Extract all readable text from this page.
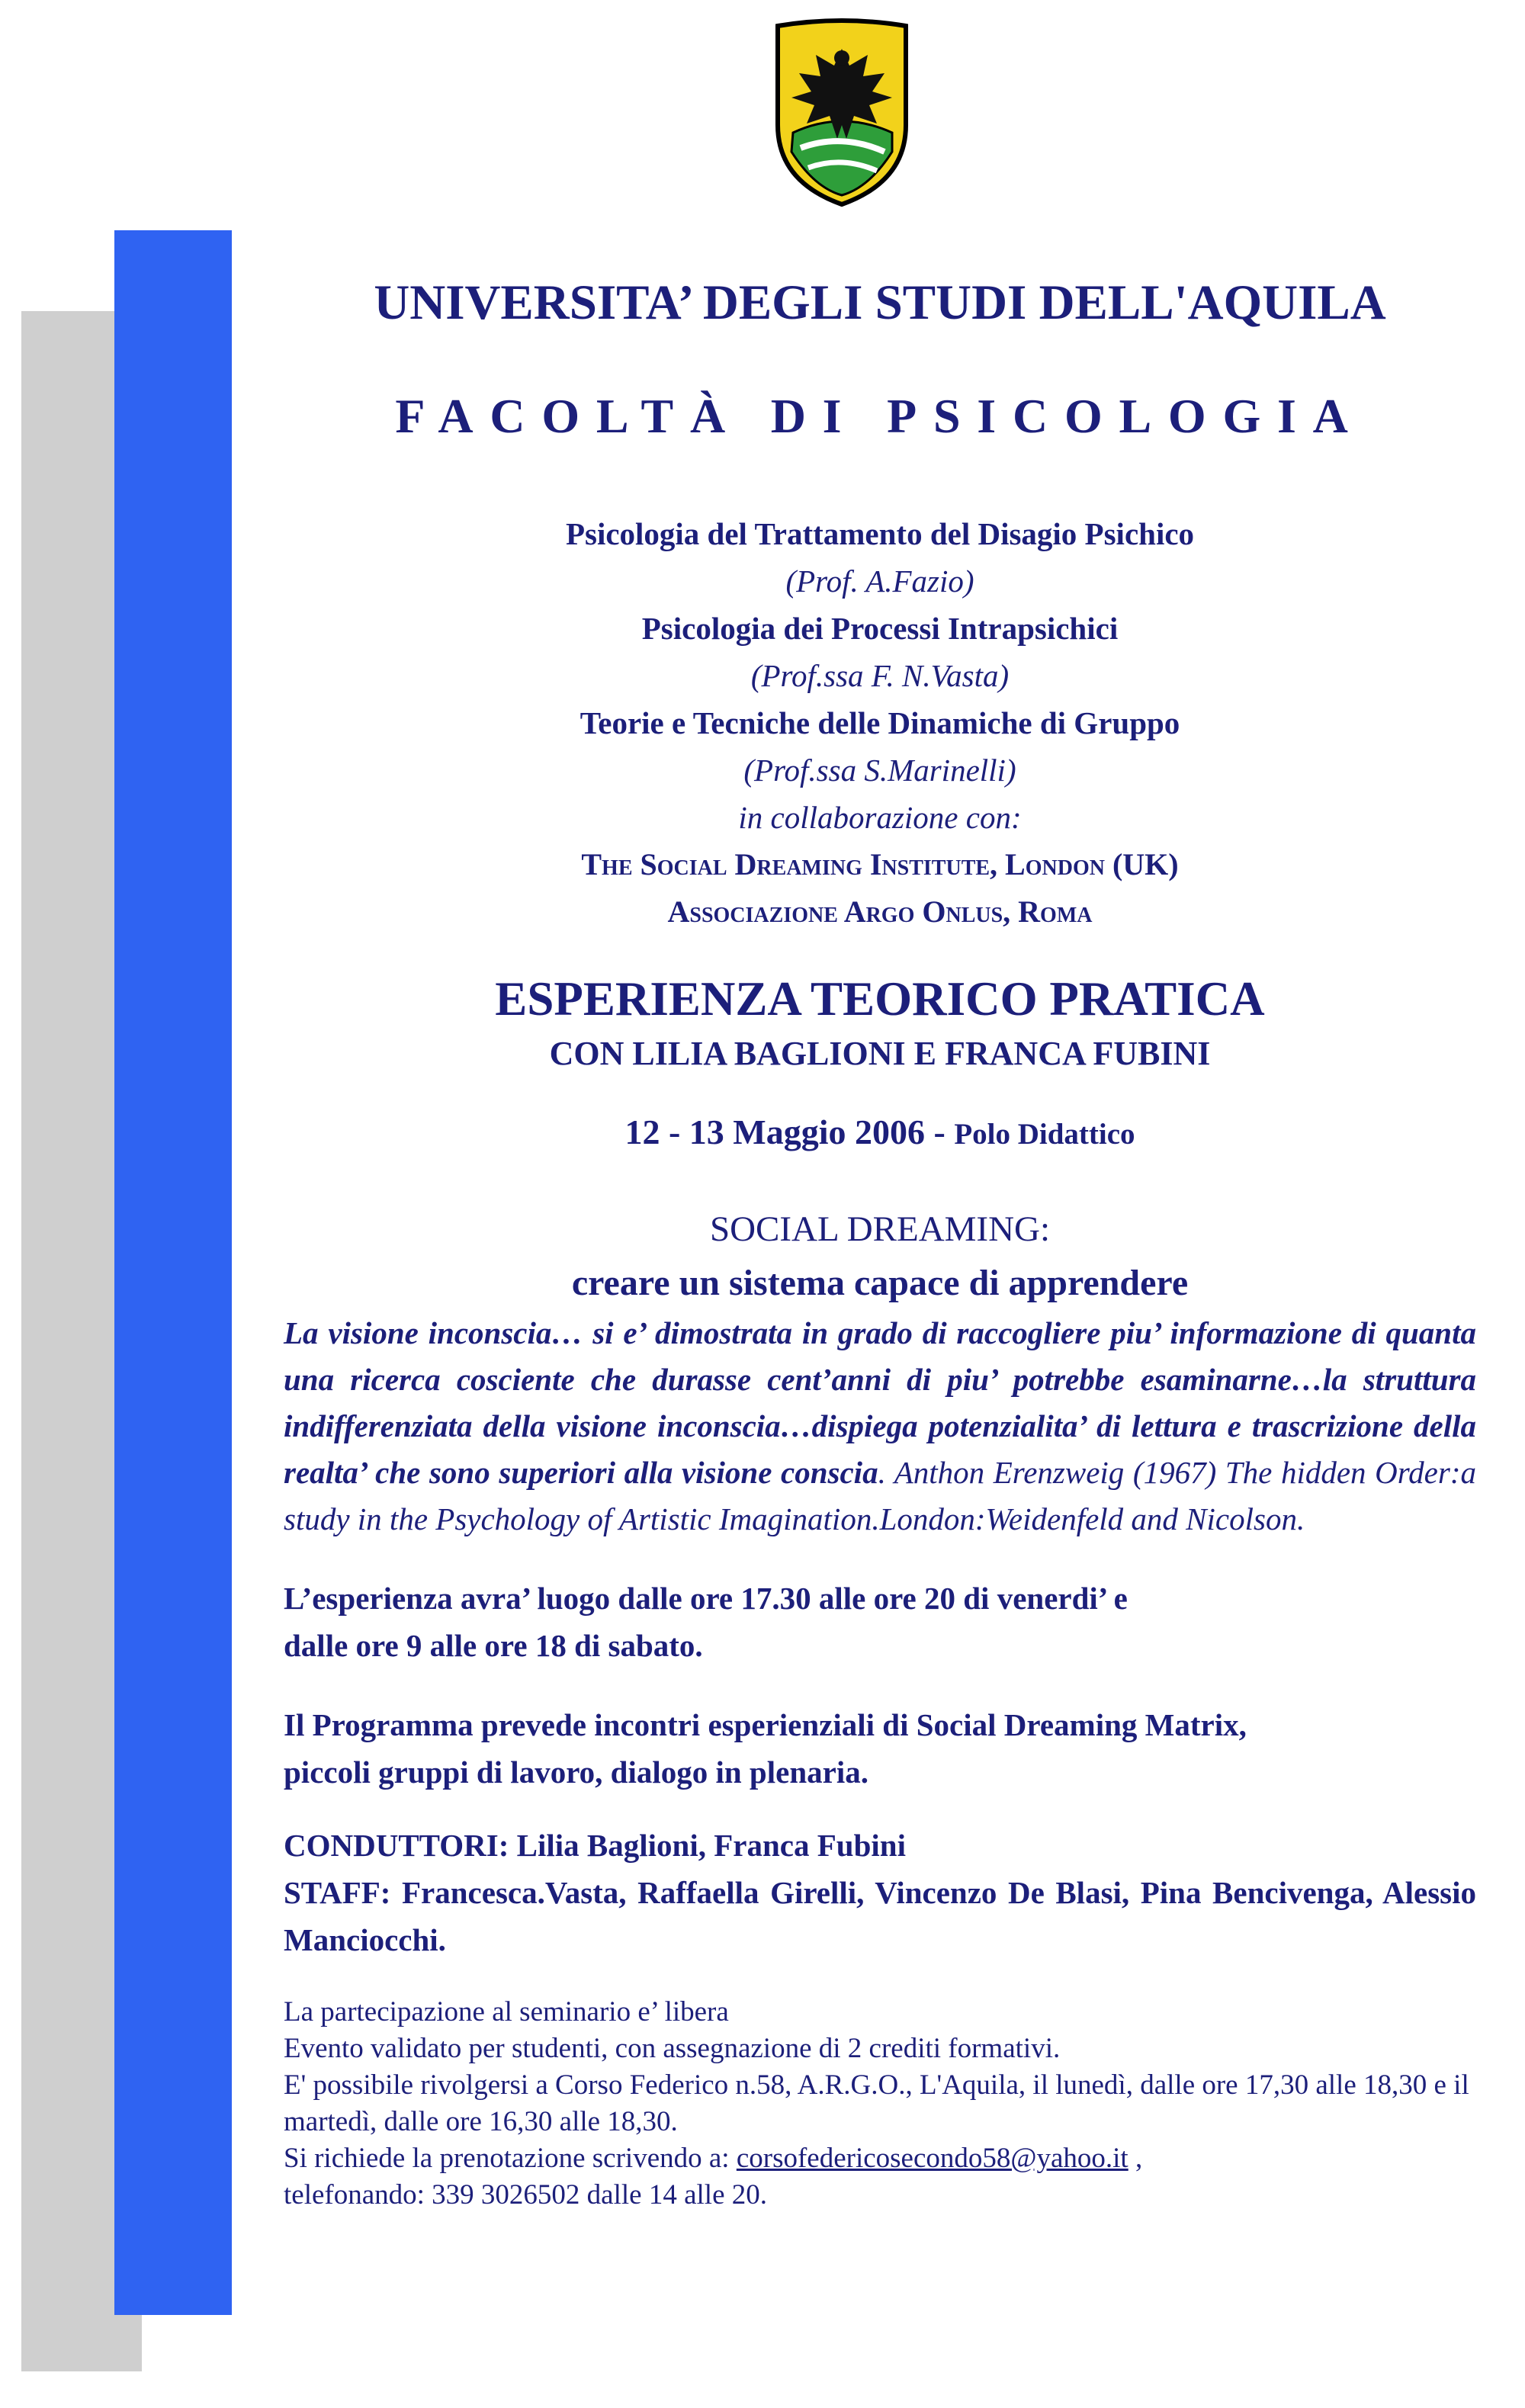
UNIVERSITA’ DEGLI STUDI DELL'AQUILA
FACOLTÀ DI PSICOLOGIA
Psicologia del Trattamento del Disagio Psichico
(Prof. A.Fazio)
Psicologia dei Processi Intrapsichici
(Prof.ssa F. N.Vasta)
Teorie e Tecniche delle Dinamiche di Gruppo
(Prof.ssa S.Marinelli)
in collaborazione con:
The Social Dreaming Institute, London (UK)
Associazione Argo Onlus, Roma
ESPERIENZA TEORICO PRATICA
CON LILIA BAGLIONI E FRANCA FUBINI
12 - 13 Maggio 2006 - Polo Didattico
SOCIAL DREAMING:
creare un sistema capace di apprendere
La visione inconscia… si e’ dimostrata in grado di raccogliere piu’ informazione di quanta una ricerca cosciente che durasse cent’anni di piu’ potrebbe esaminarne…la struttura indifferenziata della visione inconscia…dispiega potenzialita’ di lettura e trascrizione della realta’ che sono superiori alla visione conscia. Anthon Erenzweig (1967) The hidden Order:a study in the Psychology of Artistic Imagination.London:Weidenfeld and Nicolson.
L’esperienza avra’ luogo dalle ore 17.30 alle ore 20 di venerdi’ e
dalle ore 9 alle ore 18 di sabato.
Il Programma prevede incontri esperienziali di Social Dreaming Matrix,
piccoli gruppi di lavoro, dialogo in plenaria.
CONDUTTORI: Lilia Baglioni, Franca Fubini
STAFF: Francesca.Vasta, Raffaella Girelli, Vincenzo De Blasi, Pina Bencivenga, Alessio Manciocchi.
La partecipazione al seminario e’ libera
Evento validato per studenti, con assegnazione di 2 crediti formativi.
E' possibile rivolgersi a Corso Federico n.58, A.R.G.O., L'Aquila, il lunedì, dalle ore 17,30 alle 18,30 e il martedì, dalle ore 16,30 alle 18,30.
Si richiede la prenotazione scrivendo a: corsofedericosecondo58@yahoo.it ,
telefonando: 339 3026502 dalle 14 alle 20.
